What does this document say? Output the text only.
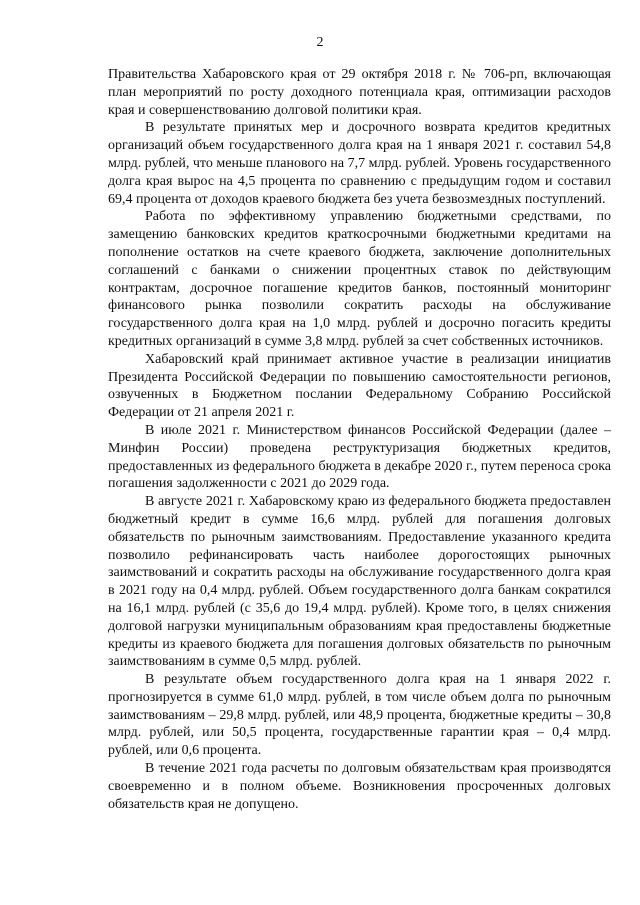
2

Правительства Хабаровского края от 29 октября 2018 г. № 706-рп, включающая план мероприятий по росту доходного потенциала края, оптимизации расходов края и совершенствованию долговой политики края.

В результате принятых мер и досрочного возврата кредитов кредитных организаций объем государственного долга края на 1 января 2021 г. составил 54,8 млрд. рублей, что меньше планового на 7,7 млрд. рублей. Уровень государственного долга края вырос на 4,5 процента по сравнению с предыдущим годом и составил 69,4 процента от доходов краевого бюджета без учета безвозмездных поступлений.

Работа по эффективному управлению бюджетными средствами, по замещению банковских кредитов краткосрочными бюджетными кредитами на пополнение остатков на счете краевого бюджета, заключение дополнительных соглашений с банками о снижении процентных ставок по действующим контрактам, досрочное погашение кредитов банков, постоянный мониторинг финансового рынка позволили сократить расходы на обслуживание государственного долга края на 1,0 млрд. рублей и досрочно погасить кредиты кредитных организаций в сумме 3,8 млрд. рублей за счет собственных источников.

Хабаровский край принимает активное участие в реализации инициатив Президента Российской Федерации по повышению самостоятельности регионов, озвученных в Бюджетном послании Федеральному Собранию Российской Федерации от 21 апреля 2021 г.

В июле 2021 г. Министерством финансов Российской Федерации (далее – Минфин России) проведена реструктуризация бюджетных кредитов, предоставленных из федерального бюджета в декабре 2020 г., путем переноса срока погашения задолженности с 2021 до 2029 года.

В августе 2021 г. Хабаровскому краю из федерального бюджета предоставлен бюджетный кредит в сумме 16,6 млрд. рублей для погашения долговых обязательств по рыночным заимствованиям. Предоставление указанного кредита позволило рефинансировать часть наиболее дорогостоящих рыночных заимствований и сократить расходы на обслуживание государственного долга края в 2021 году на 0,4 млрд. рублей. Объем государственного долга банкам сократился на 16,1 млрд. рублей (с 35,6 до 19,4 млрд. рублей). Кроме того, в целях снижения долговой нагрузки муниципальным образованиям края предоставлены бюджетные кредиты из краевого бюджета для погашения долговых обязательств по рыночным заимствованиям в сумме 0,5 млрд. рублей.

В результате объем государственного долга края на 1 января 2022 г. прогнозируется в сумме 61,0 млрд. рублей, в том числе объем долга по рыночным заимствованиям – 29,8 млрд. рублей, или 48,9 процента, бюджетные кредиты – 30,8 млрд. рублей, или 50,5 процента, государственные гарантии края – 0,4 млрд. рублей, или 0,6 процента.

В течение 2021 года расчеты по долговым обязательствам края производятся своевременно и в полном объеме. Возникновения просроченных долговых обязательств края не допущено.
